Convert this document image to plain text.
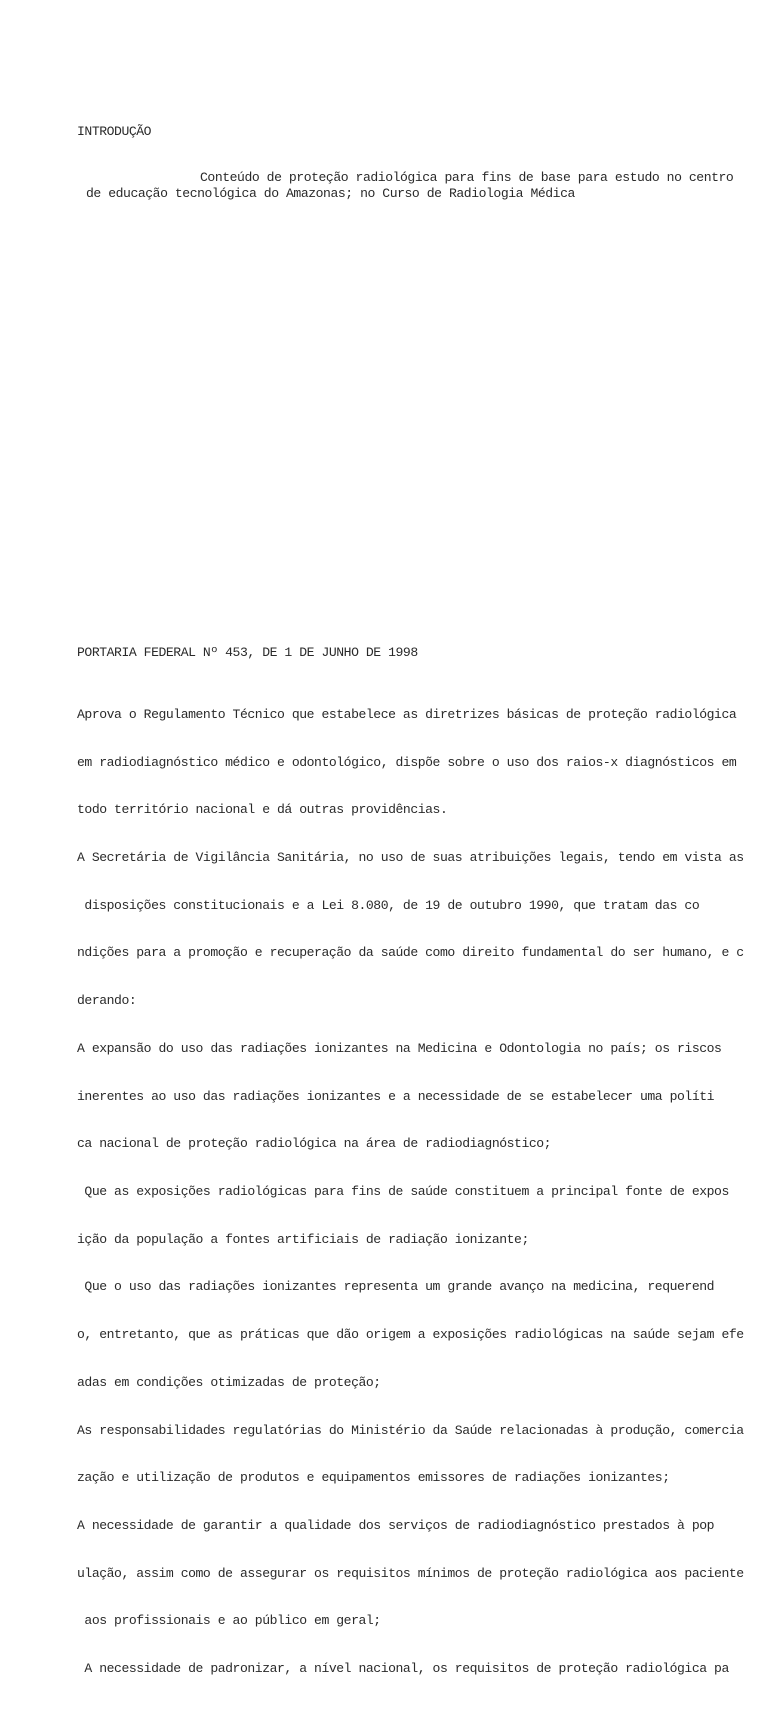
INTRODUÇÃO
Conteúdo de proteção radiológica para fins de base para estudo no centro
de educação tecnológica do Amazonas; no Curso de Radiologia Médica
PORTARIA FEDERAL Nº 453, DE 1 DE JUNHO DE 1998

Aprova o Regulamento Técnico que estabelece as diretrizes básicas de proteção radiológica

em radiodiagnóstico médico e odontológico, dispõe sobre o uso dos raios-x diagnósticos em

todo território nacional e dá outras providências.

A Secretária de Vigilância Sanitária, no uso de suas atribuições legais, tendo em vista as

disposições constitucionais e a Lei 8.080, de 19 de outubro 1990, que tratam das co

ndições para a promoção e recuperação da saúde como direito fundamental do ser humano, e c

derando:

A expansão do uso das radiações ionizantes na Medicina e Odontologia no país; os riscos

inerentes ao uso das radiações ionizantes e a necessidade de se estabelecer uma políti

ca nacional de proteção radiológica na área de radiodiagnóstico;

Que as exposições radiológicas para fins de saúde constituem a principal fonte de expos

ição da população a fontes artificiais de radiação ionizante;

Que o uso das radiações ionizantes representa um grande avanço na medicina, requerend

o, entretanto, que as práticas que dão origem a exposições radiológicas na saúde sejam efe

adas em condições otimizadas de proteção;

As responsabilidades regulatórias do Ministério da Saúde relacionadas à produção, comercia

zação e utilização de produtos e equipamentos emissores de radiações ionizantes;

A necessidade de garantir a qualidade dos serviços de radiodiagnóstico prestados à pop

ulação, assim como de assegurar os requisitos mínimos de proteção radiológica aos paciente

aos profissionais e ao público em geral;

A necessidade de padronizar, a nível nacional, os requisitos de proteção radiológica pa
